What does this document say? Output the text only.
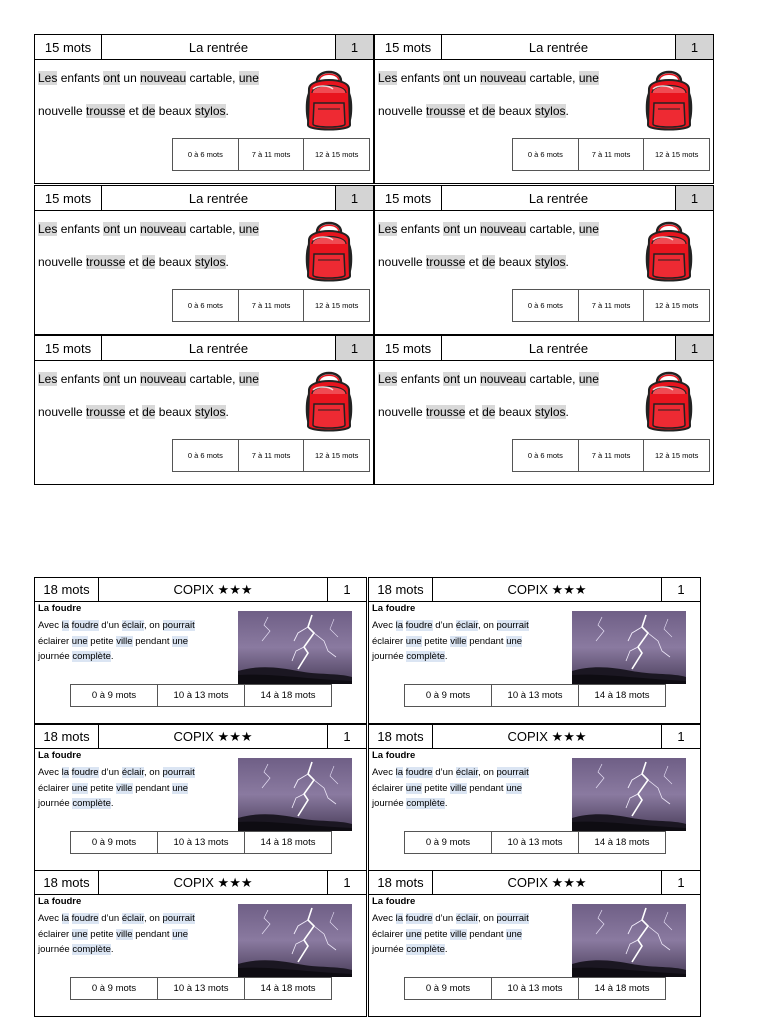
15 mots	La rentrée	1
Les enfants ont un nouveau cartable, une
nouvelle trousse et de beaux stylos.
0 à 6 mots	7 à 11 mots	12 à 15 mots
15 mots	La rentrée	1
Les enfants ont un nouveau cartable, une
nouvelle trousse et de beaux stylos.
0 à 6 mots	7 à 11 mots	12 à 15 mots
15 mots	La rentrée	1
Les enfants ont un nouveau cartable, une
nouvelle trousse et de beaux stylos.
0 à 6 mots	7 à 11 mots	12 à 15 mots
15 mots	La rentrée	1
Les enfants ont un nouveau cartable, une
nouvelle trousse et de beaux stylos.
0 à 6 mots	7 à 11 mots	12 à 15 mots
15 mots	La rentrée	1
Les enfants ont un nouveau cartable, une
nouvelle trousse et de beaux stylos.
0 à 6 mots	7 à 11 mots	12 à 15 mots
15 mots	La rentrée	1
Les enfants ont un nouveau cartable, une
nouvelle trousse et de beaux stylos.
0 à 6 mots	7 à 11 mots	12 à 15 mots
18 mots	COPIX ★★★	1
La foudre
Avec la foudre d’un éclair, on pourrait
éclairer une petite ville pendant une
journée complète.
0 à 9 mots	10 à 13 mots	14 à 18 mots
18 mots	COPIX ★★★	1
La foudre
Avec la foudre d’un éclair, on pourrait
éclairer une petite ville pendant une
journée complète.
0 à 9 mots	10 à 13 mots	14 à 18 mots
18 mots	COPIX ★★★	1
La foudre
Avec la foudre d’un éclair, on pourrait
éclairer une petite ville pendant une
journée complète.
0 à 9 mots	10 à 13 mots	14 à 18 mots
18 mots	COPIX ★★★	1
La foudre
Avec la foudre d’un éclair, on pourrait
éclairer une petite ville pendant une
journée complète.
0 à 9 mots	10 à 13 mots	14 à 18 mots
18 mots	COPIX ★★★	1
La foudre
Avec la foudre d’un éclair, on pourrait
éclairer une petite ville pendant une
journée complète.
0 à 9 mots	10 à 13 mots	14 à 18 mots
18 mots	COPIX ★★★	1
La foudre
Avec la foudre d’un éclair, on pourrait
éclairer une petite ville pendant une
journée complète.
0 à 9 mots	10 à 13 mots	14 à 18 mots
